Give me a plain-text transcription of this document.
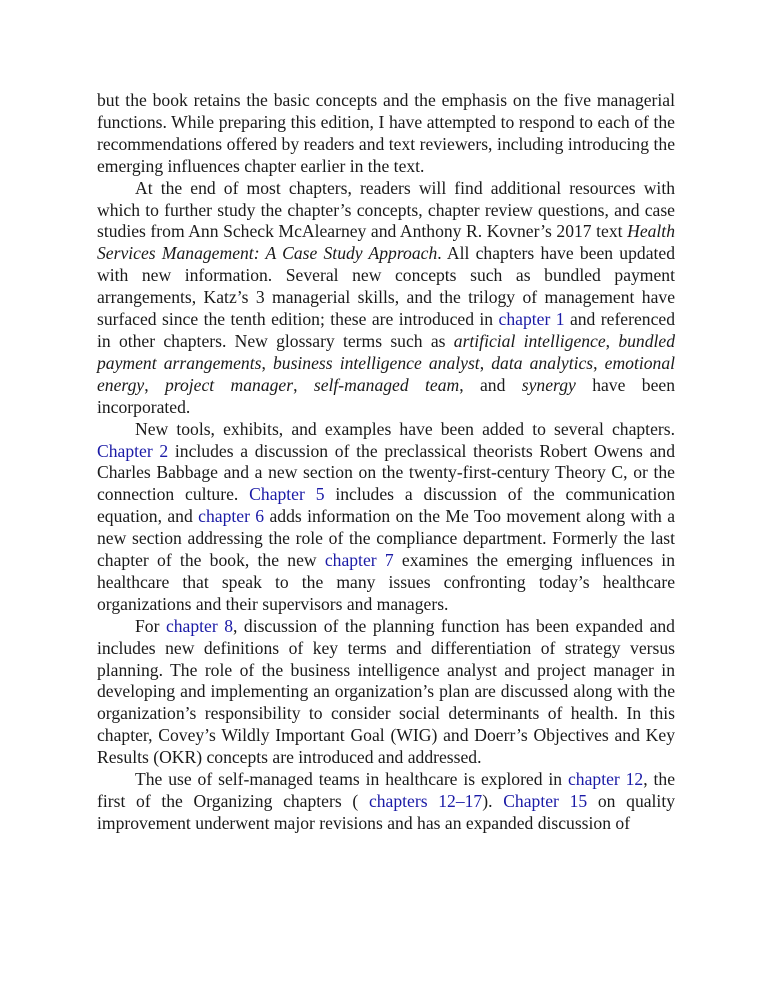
but the book retains the basic concepts and the emphasis on the five managerial functions. While preparing this edition, I have attempted to respond to each of the recommendations offered by readers and text reviewers, including introducing the emerging influences chapter earlier in the text.

At the end of most chapters, readers will find additional resources with which to further study the chapter’s concepts, chapter review questions, and case studies from Ann Scheck McAlearney and Anthony R. Kovner’s 2017 text Health Services Management: A Case Study Approach. All chapters have been updated with new information. Several new concepts such as bundled payment arrangements, Katz’s 3 managerial skills, and the trilogy of management have surfaced since the tenth edition; these are introduced in chapter 1 and referenced in other chapters. New glossary terms such as artificial intelligence, bundled payment arrangements, business intelligence analyst, data analytics, emotional energy, project manager, self-managed team, and synergy have been incorporated.

New tools, exhibits, and examples have been added to several chapters. Chapter 2 includes a discussion of the preclassical theorists Robert Owens and Charles Babbage and a new section on the twenty-first-century Theory C, or the connection culture. Chapter 5 includes a discussion of the communication equation, and chapter 6 adds information on the Me Too movement along with a new section addressing the role of the compliance department. Formerly the last chapter of the book, the new chapter 7 examines the emerging influences in healthcare that speak to the many issues confronting today’s healthcare organizations and their supervisors and managers.

For chapter 8, discussion of the planning function has been expanded and includes new definitions of key terms and differentiation of strategy versus planning. The role of the business intelligence analyst and project manager in developing and implementing an organization’s plan are discussed along with the organization’s responsibility to consider social determinants of health. In this chapter, Covey’s Wildly Important Goal (WIG) and Doerr’s Objectives and Key Results (OKR) concepts are introduced and addressed.

The use of self-managed teams in healthcare is explored in chapter 12, the first of the Organizing chapters ( chapters 12–17). Chapter 15 on quality improvement underwent major revisions and has an expanded discussion of
